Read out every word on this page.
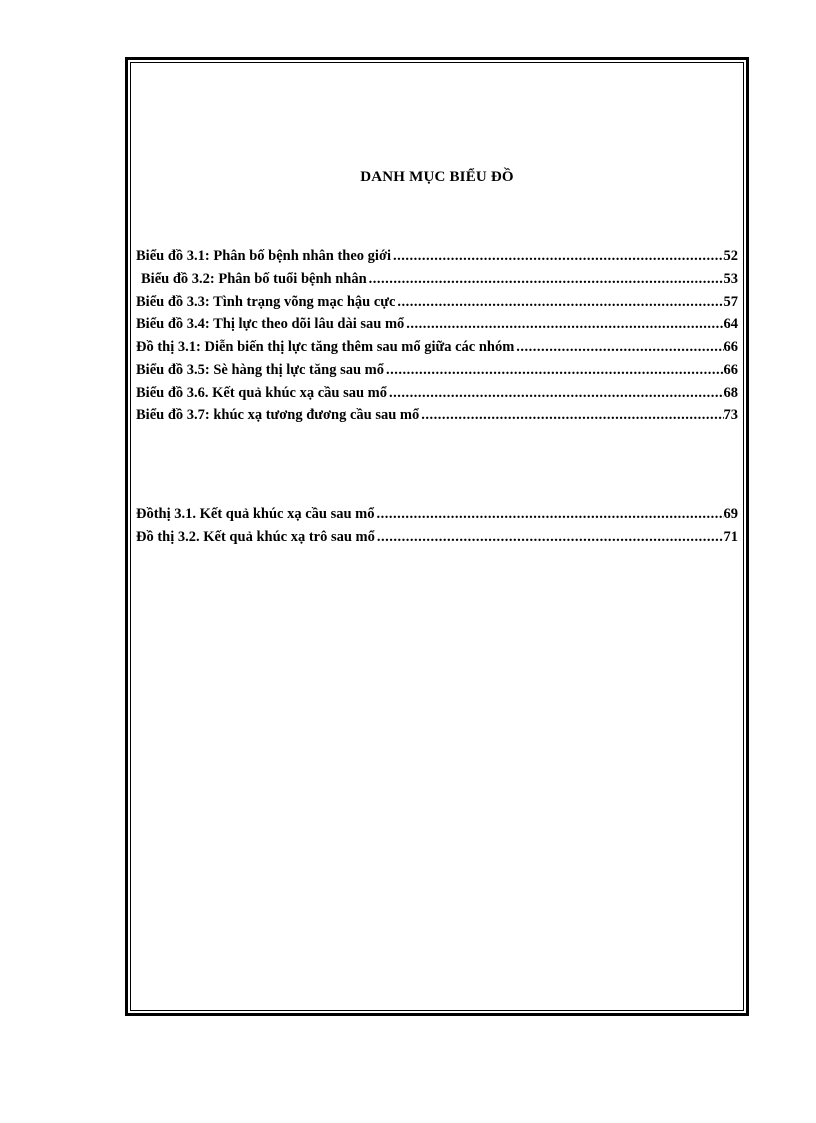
DANH MỤC BIỂU ĐỒ
Biểu đồ 3.1: Phân bố bệnh nhân theo giới .....	52
Biểu đồ 3.2: Phân bố tuổi bệnh nhân .....	53
Biểu đồ 3.3: Tình trạng võng mạc hậu cực .....	57
Biểu đồ 3.4: Thị lực theo dõi lâu dài sau mổ .....	64
Đồ thị 3.1: Diễn biến thị lực tăng thêm sau mổ giữa các nhóm .....	66
Biểu đồ 3.5: Sè hàng thị lực tăng sau mổ .....	66
Biểu đồ 3.6. Kết quả khúc xạ cầu sau mổ .....	68
Biểu đồ 3.7: khúc xạ tương đương cầu sau mổ .....	73
Đồthị 3.1. Kết quả khúc xạ cầu sau mổ .....	69
Đồ thị 3.2. Kết quả khúc xạ trô sau mổ .....	71
